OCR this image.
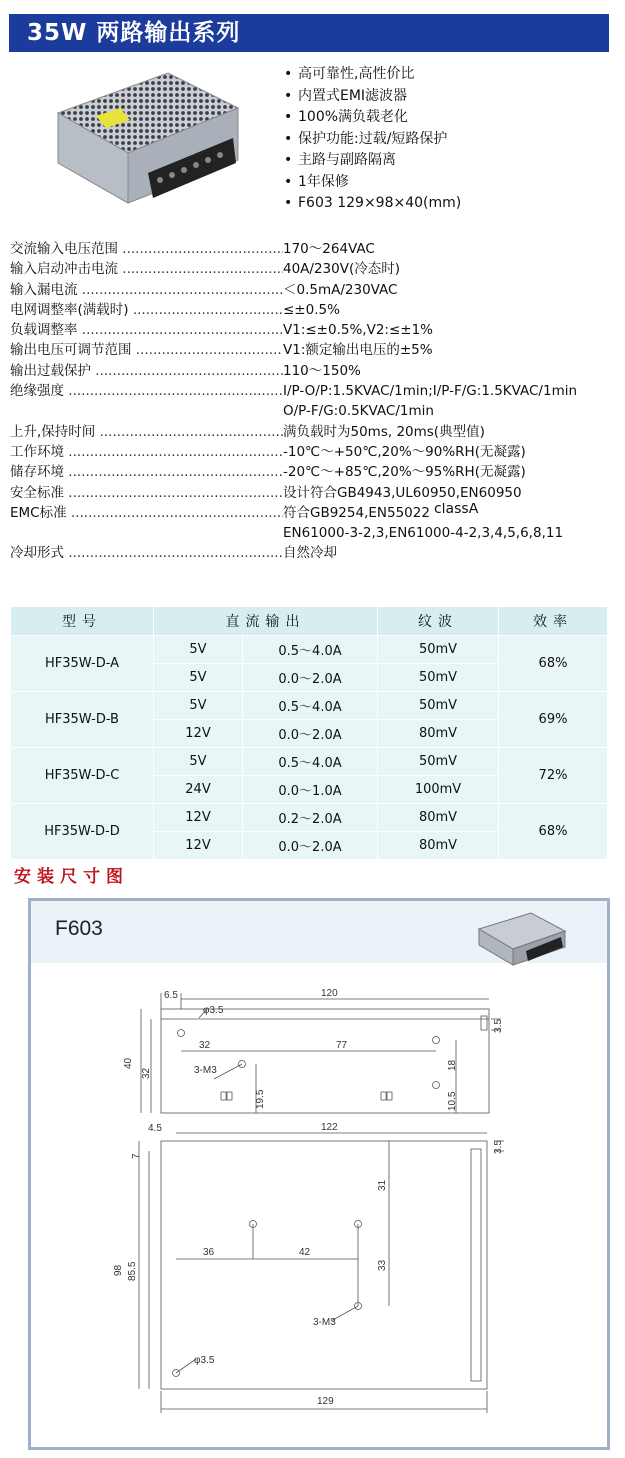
35W 两路输出系列
• 高可靠性,高性价比
• 内置式EMI滤波器
• 100%满负载老化
• 保护功能:过载/短路保护
• 主路与副路隔离
• 1年保修
• F603 129×98×40(mm)
交流输入电压范围 .....	170～264VAC
输入启动冲击电流 .....	40A/230V(冷态时)
输入漏电流 .....	＜0.5mA/230VAC
电网调整率(满载时) .....	≤±0.5%
负载调整率 .....	V1:≤±0.5%,V2:≤±1%
输出电压可调节范围 .....	V1:额定输出电压的±5%
输出过载保护 .....	110～150%
绝缘强度 .....	I/P-O/P:1.5KVAC/1min;I/P-F/G:1.5KVAC/1min
O/P-F/G:0.5KVAC/1min
上升,保持时间 .....	满负载时为50ms, 20ms(典型值)
工作环境 .....	-10℃～+50℃,20%～90%RH(无凝露)
储存环境 .....	-20℃～+85℃,20%～95%RH(无凝露)
安全标准 .....	设计符合GB4943,UL60950,EN60950
EMC标准 .....	符合GB9254,EN55022 classA
EN61000-3-2,3,EN61000-4-2,3,4,5,6,8,11
冷却形式 .....	自然冷却
型号	直流输出		纹波	效率
HF35W-D-A	5V	0.5～4.0A	50mV	68%
	5V	0.0～2.0A	50mV	
HF35W-D-B	5V	0.5～4.0A	50mV	69%
	12V	0.0～2.0A	80mV	
HF35W-D-C	5V	0.5～4.0A	50mV	72%
	24V	0.0～1.0A	100mV	
HF35W-D-D	12V	0.2～2.0A	80mV	68%
	12V	0.0～2.0A	80mV	
安装尺寸图
F603
6.5
φ3.5
120
40
32
32	77
3-M3
19.5
18
10.5
3.5
4.5	122
3.5
7
31
98 85.5
36	42
33
3-M3
φ3.5
129
